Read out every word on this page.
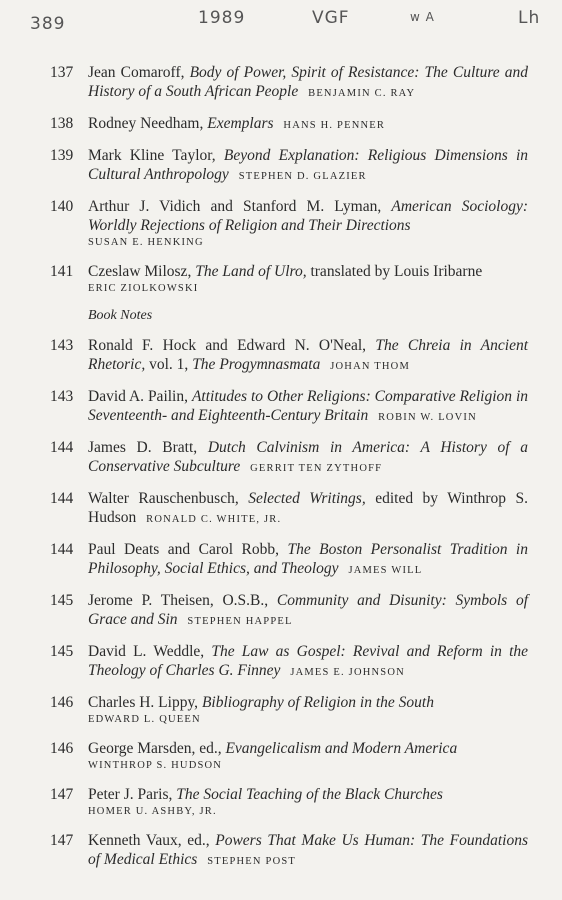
389	1989	VGF	w A	Lh
137 Jean Comaroff, Body of Power, Spirit of Resistance: The Culture and History of a South African People BENJAMIN C. RAY
138 Rodney Needham, Exemplars HANS H. PENNER
139 Mark Kline Taylor, Beyond Explanation: Religious Dimensions in Cultural Anthropology STEPHEN D. GLAZIER
140 Arthur J. Vidich and Stanford M. Lyman, American Sociology: Worldly Rejections of Religion and Their Directions
SUSAN E. HENKING
141 Czeslaw Milosz, The Land of Ulro, translated by Louis Iribarne
ERIC ZIOLKOWSKI
Book Notes
143 Ronald F. Hock and Edward N. O'Neal, The Chreia in Ancient Rhetoric, vol. 1, The Progymnasmata JOHAN THOM
143 David A. Pailin, Attitudes to Other Religions: Comparative Religion in Seventeenth- and Eighteenth-Century Britain ROBIN W. LOVIN
144 James D. Bratt, Dutch Calvinism in America: A History of a Conservative Subculture GERRIT TEN ZYTHOFF
144 Walter Rauschenbusch, Selected Writings, edited by Winthrop S. Hudson RONALD C. WHITE, JR.
144 Paul Deats and Carol Robb, The Boston Personalist Tradition in Philosophy, Social Ethics, and Theology JAMES WILL
145 Jerome P. Theisen, O.S.B., Community and Disunity: Symbols of Grace and Sin STEPHEN HAPPEL
145 David L. Weddle, The Law as Gospel: Revival and Reform in the Theology of Charles G. Finney JAMES E. JOHNSON
146 Charles H. Lippy, Bibliography of Religion in the South
EDWARD L. QUEEN
146 George Marsden, ed., Evangelicalism and Modern America
WINTHROP S. HUDSON
147 Peter J. Paris, The Social Teaching of the Black Churches
HOMER U. ASHBY, JR.
147 Kenneth Vaux, ed., Powers That Make Us Human: The Foundations of Medical Ethics STEPHEN POST
